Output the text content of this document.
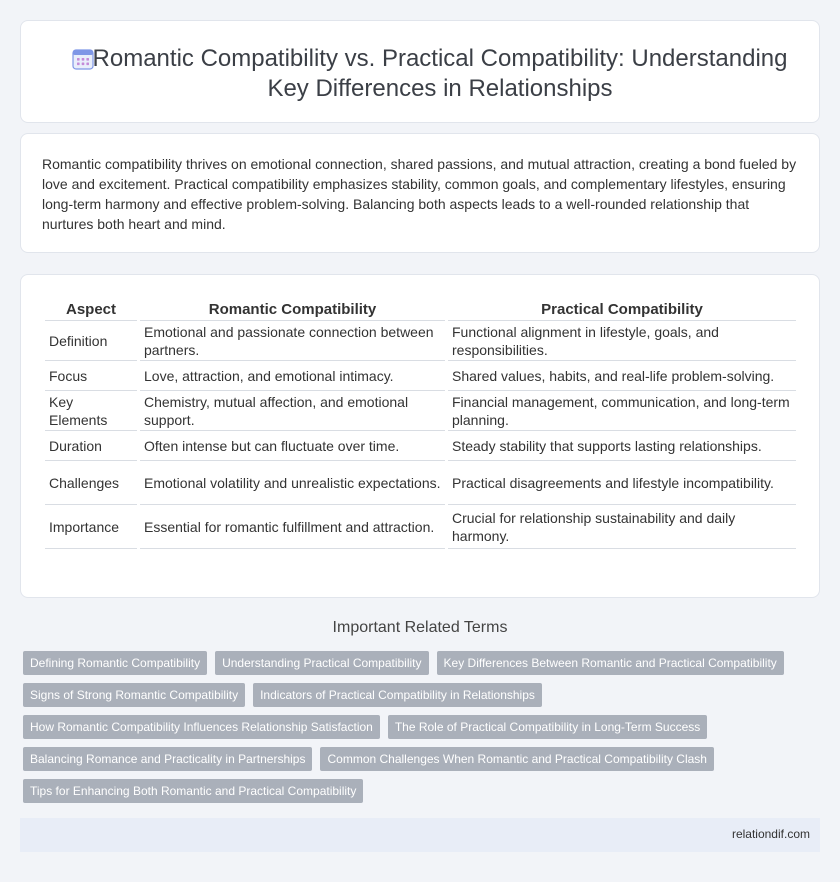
Romantic Compatibility vs. Practical Compatibility: Understanding Key Differences in Relationships

Romantic compatibility thrives on emotional connection, shared passions, and mutual attraction, creating a bond fueled by love and excitement. Practical compatibility emphasizes stability, common goals, and complementary lifestyles, ensuring long-term harmony and effective problem-solving. Balancing both aspects leads to a well-rounded relationship that nurtures both heart and mind.

Aspect	Romantic Compatibility	Practical Compatibility
Definition	Emotional and passionate connection between partners.	Functional alignment in lifestyle, goals, and responsibilities.
Focus	Love, attraction, and emotional intimacy.	Shared values, habits, and real-life problem-solving.
Key Elements	Chemistry, mutual affection, and emotional support.	Financial management, communication, and long-term planning.
Duration	Often intense but can fluctuate over time.	Steady stability that supports lasting relationships.
Challenges	Emotional volatility and unrealistic expectations.	Practical disagreements and lifestyle incompatibility.
Importance	Essential for romantic fulfillment and attraction.	Crucial for relationship sustainability and daily harmony.
Important Related Terms
Defining Romantic Compatibility	Understanding Practical Compatibility	Key Differences Between Romantic and Practical Compatibility
Signs of Strong Romantic Compatibility	Indicators of Practical Compatibility in Relationships
How Romantic Compatibility Influences Relationship Satisfaction	The Role of Practical Compatibility in Long-Term Success
Balancing Romance and Practicality in Partnerships	Common Challenges When Romantic and Practical Compatibility Clash
Tips for Enhancing Both Romantic and Practical Compatibility
relationdif.com
